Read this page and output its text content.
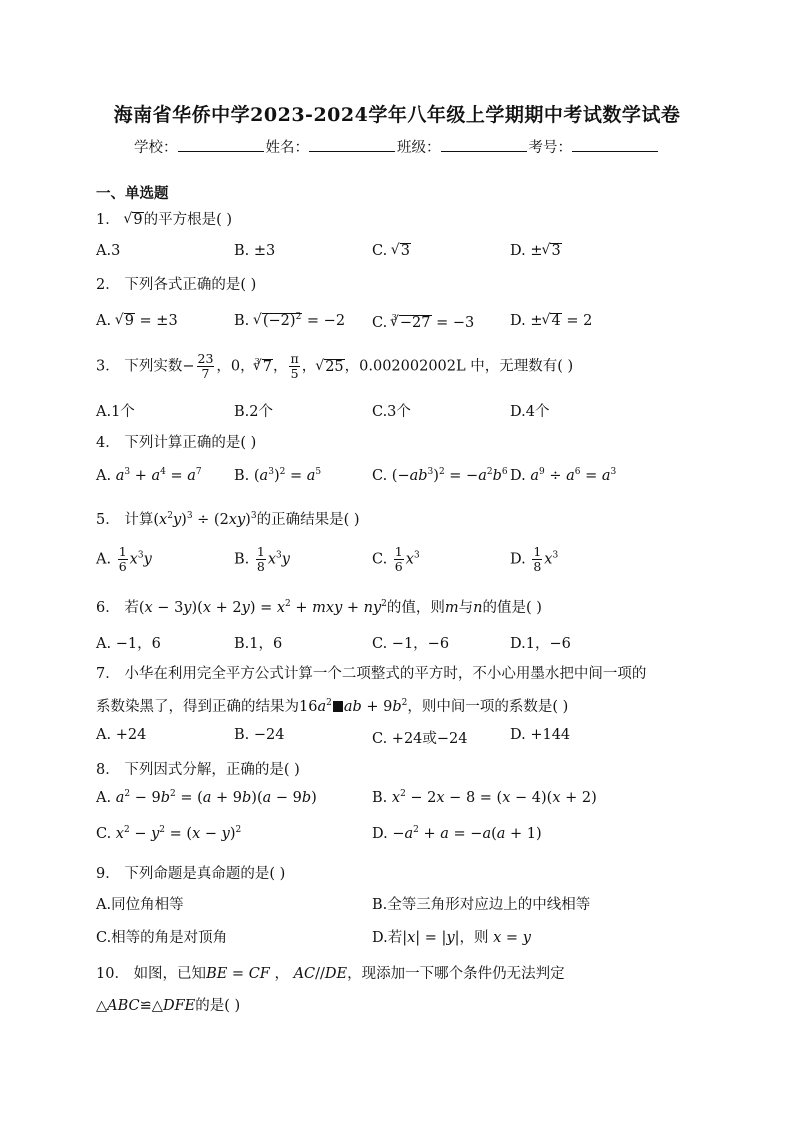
海南省华侨中学2023-2024学年八年级上学期期中考试数学试卷
学校：	姓名：	班级：	考号：
一、单选题
1． √ 9的平方根是( )
A.3	B. ±3	C. √ 3	D. ± √ 3
2． 下列各式正确的是( )
A. √ 9 = ±3	B. √ $(-2)^2 = -2$ C. $^3$ √ −27 = −3 D. ± √ 4 = 2
3． 下列实数− $\frac{23}{7}$ ，0，$^3$ √ 7， $\frac{\pi}{5}$ ， √ 25，0.002002002L 中，无理数有( )
A.1个	B.2个	C.3个	D.4个
4． 下列计算正确的是( )
A. $a^3 + a^4 = a^7$ B. $(a^3)^2 = a^5$	C. $(-ab^3)^2 = -a^2b^6$ D. $a^9 \div a^6 = a^3$
5． 计算$(x^2y)^3 \div (2xy)^3$的正确结果是( )
A. $\frac{1}{6} x^3y$	B. $\frac{1}{8} x^3y$	C. $\frac{1}{6} x^3$	D. $\frac{1}{8} x^3$
6． 若$(x - 3y)(x + 2y) = x^2$ + mxy + $ny^2$的值，则m与n的值是( )
A. −1，6	B.1，6	C. −1，−6	D.1，−6
7． 小华在利用完全平方公式计算一个二项整式的平方时，不小心用墨水把中间一项的
系数染黑了，得到正确的结果为$16a^2$ ab + $9b^2$，则中间一项的系数是( )
A. +24	B. −24	C. +24或−24	D. +144
8． 下列因式分解，正确的是( )
A. $a^2 - 9b^2 = (a + 9b)(a - 9b)$	B. $x^2 - 2x - 8 = (x - 4)(x + 2)$
C. $x^2 - y^2 = (x - y)^2$	D. $-a^2 + a = -a(a + 1)$
9． 下列命题是真命题的是( )
A.同位角相等	B.全等三角形对应边上的中线相等
C.相等的角是对顶角	D.若|x| = |y|，则 x = y
10． 如图，已知BE = CF ， AC//DE，现添加一下哪个条件仍无法判定
△ABC≌△DFE的是( )
